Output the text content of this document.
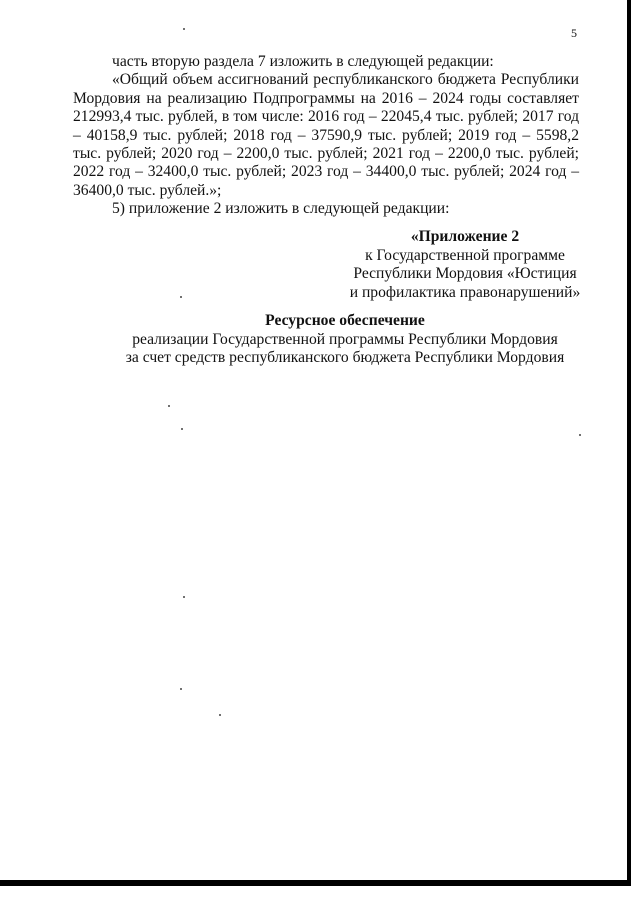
5

часть вторую раздела 7 изложить в следующей редакции:

«Общий объем ассигнований республиканского бюджета Республики Мордовия на реализацию Подпрограммы на 2016 – 2024 годы составляет 212993,4 тыс. рублей, в том числе: 2016 год – 22045,4 тыс. рублей; 2017 год – 40158,9 тыс. рублей; 2018 год – 37590,9 тыс. рублей; 2019 год – 5598,2 тыс. рублей; 2020 год – 2200,0 тыс. рублей; 2021 год – 2200,0 тыс. рублей; 2022 год – 32400,0 тыс. рублей; 2023 год – 34400,0 тыс. рублей; 2024 год – 36400,0 тыс. рублей.»;

5) приложение 2 изложить в следующей редакции:

«Приложение 2
к Государственной программе
Республики Мордовия «Юстиция
и профилактика правонарушений»
Ресурсное обеспечение
реализации Государственной программы Республики Мордовия
за счет средств республиканского бюджета Республики Мордовия
